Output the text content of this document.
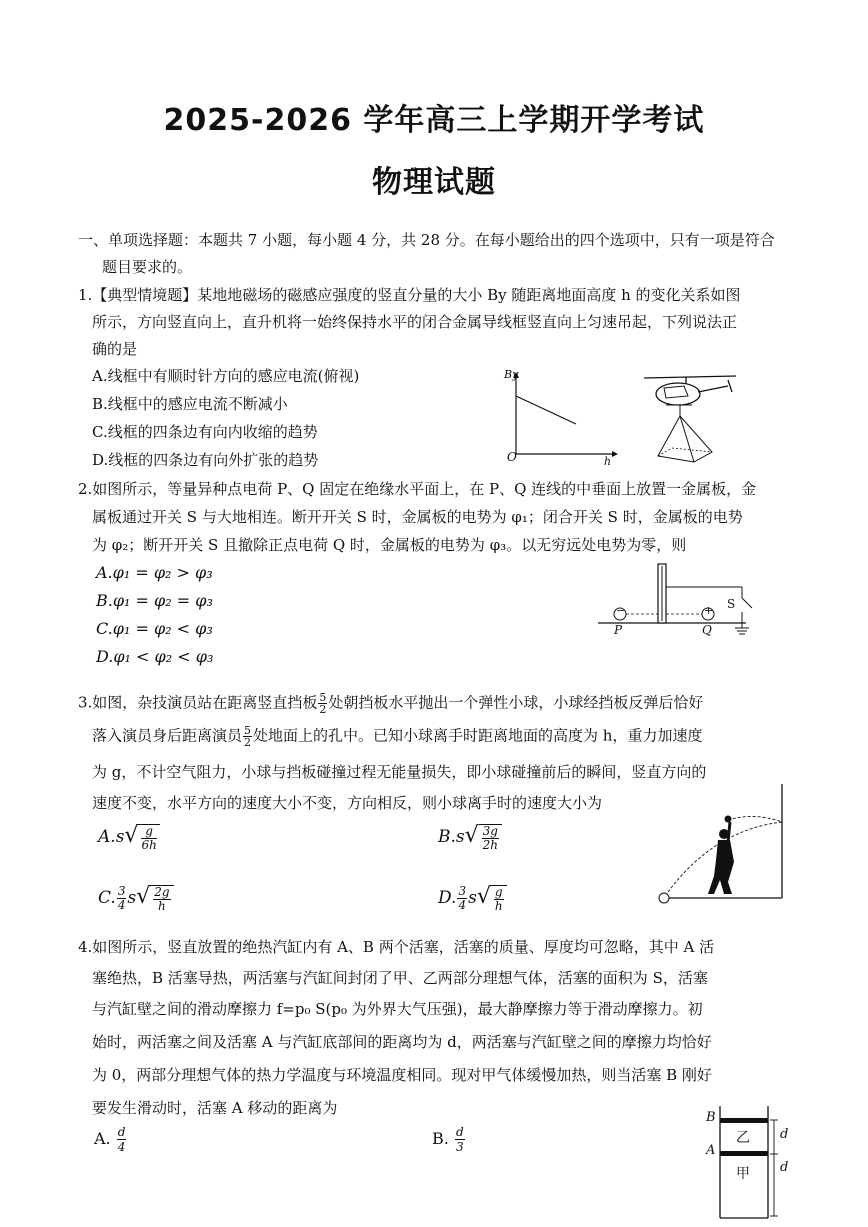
2025-2026 学年高三上学期开学考试
物理试题
一、单项选择题：本题共 7 小题，每小题 4 分，共 28 分。在每小题给出的四个选项中，只有一项是符合
题目要求的。
1.【典型情境题】某地地磁场的磁感应强度的竖直分量的大小 By 随距离地面高度 h 的变化关系如图
所示，方向竖直向上，直升机将一始终保持水平的闭合金属导线框竖直向上匀速吊起，下列说法正
确的是
A.线框中有顺时针方向的感应电流(俯视)
B.线框中的感应电流不断减小
C.线框的四条边有向内收缩的趋势
D.线框的四条边有向外扩张的趋势
By
h
O
2.如图所示，等量异种点电荷 P、Q 固定在绝缘水平面上，在 P、Q 连线的中垂面上放置一金属板，金
属板通过开关 S 与大地相连。断开开关 S 时，金属板的电势为 φ₁；闭合开关 S 时，金属板的电势
为 φ₂；断开开关 S 且撤除正点电荷 Q 时，金属板的电势为 φ₃。以无穷远处电势为零，则
A.φ₁ = φ₂ > φ₃
B.φ₁ = φ₂ = φ₃
C.φ₁ = φ₂ < φ₃
D.φ₁ < φ₂ < φ₃
−	+
P	Q
S
3.如图，杂技演员站在距离竖直挡板 $\frac{5}{2}$ 处朝挡板水平抛出一个弹性小球，小球经挡板反弹后恰好
落入演员身后距离演员 $\frac{5}{2}$ 处地面上的孔中。已知小球离手时距离地面的高度为 h，重力加速度
为 g，不计空气阻力，小球与挡板碰撞过程无能量损失，即小球碰撞前后的瞬间，竖直方向的
速度不变，水平方向的速度大小不变，方向相反，则小球离手时的速度大小为
$A.s√ \frac{g}{6h}$	$B.s√ \frac{3g}{2h}$
C. $\frac{3}{4} s√ \frac{2g}{h}$	D. $\frac{3}{4} s√ \frac{g}{h}$
4.如图所示，竖直放置的绝热汽缸内有 A、B 两个活塞，活塞的质量、厚度均可忽略，其中 A 活
塞绝热，B 活塞导热，两活塞与汽缸间封闭了甲、乙两部分理想气体，活塞的面积为 S，活塞
与汽缸壁之间的滑动摩擦力 f=p₀ S(p₀ 为外界大气压强)，最大静摩擦力等于滑动摩擦力。初
始时，两活塞之间及活塞 A 与汽缸底部间的距离均为 d，两活塞与汽缸壁之间的摩擦力均恰好
为 0，两部分理想气体的热力学温度与环境温度相同。现对甲气体缓慢加热，则当活塞 B 刚好
要发生滑动时，活塞 A 移动的距离为
A. $\frac{d}{4}$	B. $\frac{d}{3}$
B
A
乙
甲
d
d
